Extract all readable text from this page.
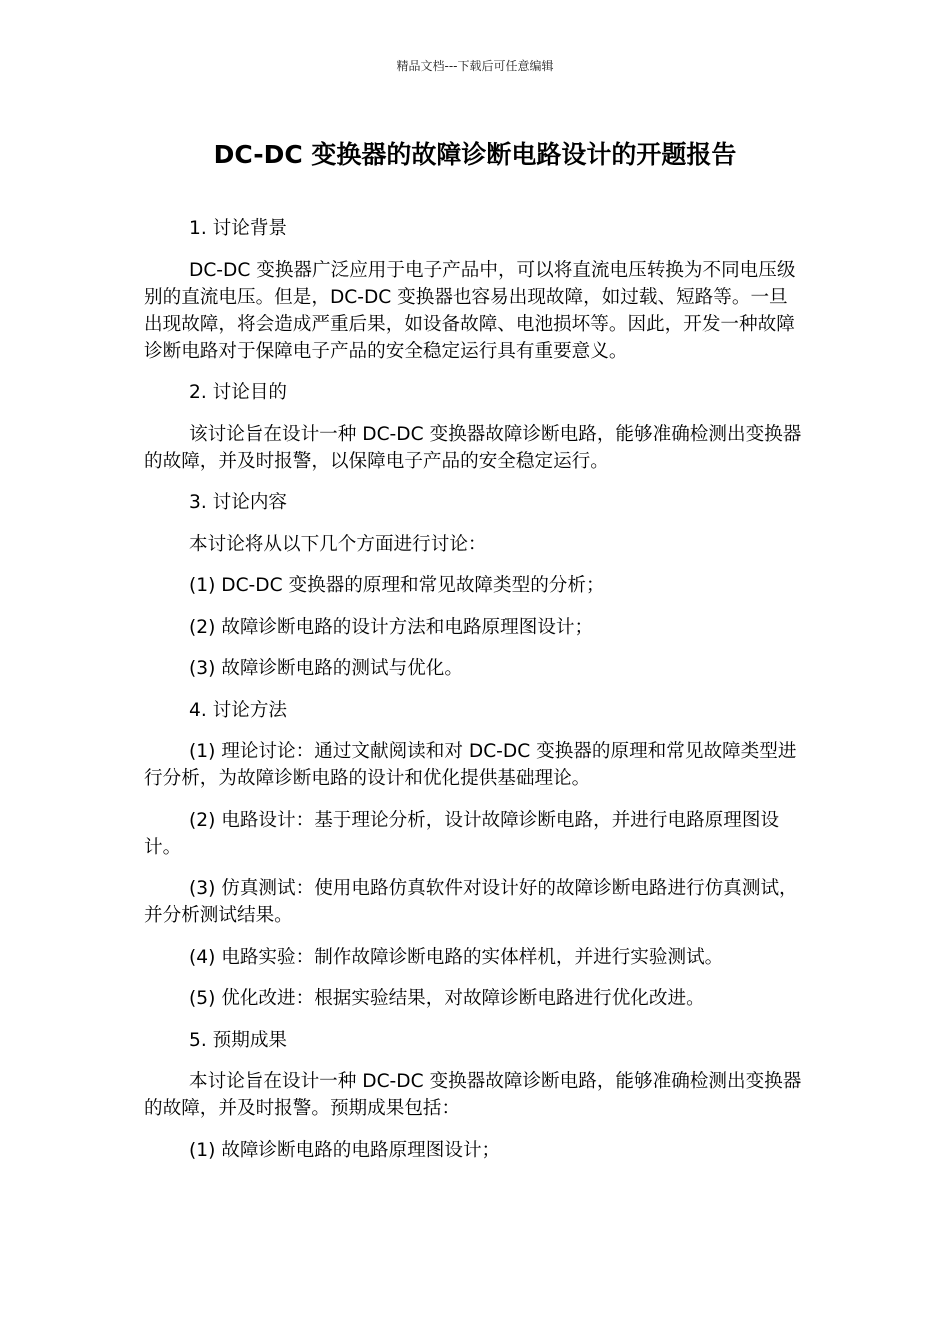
精品文档---下载后可任意编辑
DC-DC 变换器的故障诊断电路设计的开题报告

1. 讨论背景

DC-DC 变换器广泛应用于电子产品中，可以将直流电压转换为不同电压级别的直流电压。但是，DC-DC 变换器也容易出现故障，如过载、短路等。一旦出现故障，将会造成严重后果，如设备故障、电池损坏等。因此，开发一种故障诊断电路对于保障电子产品的安全稳定运行具有重要意义。

2. 讨论目的

该讨论旨在设计一种 DC-DC 变换器故障诊断电路，能够准确检测出变换器的故障，并及时报警，以保障电子产品的安全稳定运行。

3. 讨论内容

本讨论将从以下几个方面进行讨论：

(1) DC-DC 变换器的原理和常见故障类型的分析；

(2) 故障诊断电路的设计方法和电路原理图设计；

(3) 故障诊断电路的测试与优化。

4. 讨论方法

(1) 理论讨论：通过文献阅读和对 DC-DC 变换器的原理和常见故障类型进行分析，为故障诊断电路的设计和优化提供基础理论。

(2) 电路设计：基于理论分析，设计故障诊断电路，并进行电路原理图设计。

(3) 仿真测试：使用电路仿真软件对设计好的故障诊断电路进行仿真测试，并分析测试结果。

(4) 电路实验：制作故障诊断电路的实体样机，并进行实验测试。

(5) 优化改进：根据实验结果，对故障诊断电路进行优化改进。

5. 预期成果

本讨论旨在设计一种 DC-DC 变换器故障诊断电路，能够准确检测出变换器的故障，并及时报警。预期成果包括：

(1) 故障诊断电路的电路原理图设计；
